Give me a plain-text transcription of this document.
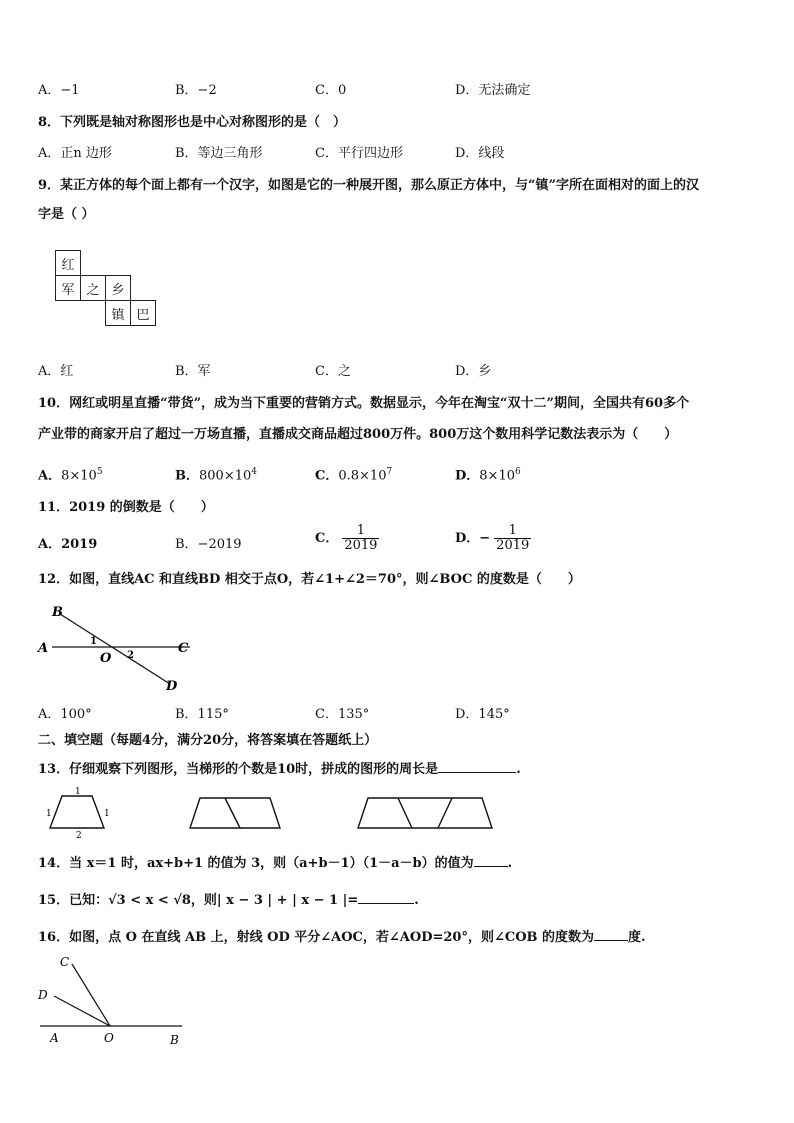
A．−1	B．−2	C．0	D．无法确定
8．下列既是轴对称图形也是中心对称图形的是（　）
A．正n 边形	B．等边三角形	C．平行四边形	D．线段
9．某正方体的每个面上都有一个汉字，如图是它的一种展开图，那么原正方体中，与“镇”字所在面相对的面上的汉
字是（ ）
红			
军	之	乡	
		镇	巴
A．红	B．军	C．之	D．乡
10．网红或明星直播“带货”，成为当下重要的营销方式。数据显示，今年在淘宝“双十二”期间，全国共有60多个
产业带的商家开启了超过一万场直播，直播成交商品超过800万件。800万这个数用科学记数法表示为（　　）
A．$8\times 10^5$	B．$800\times 10^4$	C．$0.8\times 10^7$	D．$8\times 10^6$
11．2019 的倒数是（　　）
A．2019	B．−2019	C． $\frac{1}{2019}$	D．− $\frac{1}{2019}$
12．如图，直线AC 和直线BD 相交于点O，若∠1+∠2＝70°，则∠BOC 的度数是（　　）
B
A	C
D
O
1
2
A．100°	B．115°	C．135°	D．145°
二、填空题（每题4分，满分20分，将答案填在答题纸上）
13．仔细观察下列图形，当梯形的个数是10时，拼成的图形的周长是	.
1
1	1
2
14．当 x＝1 时，ax+b+1 的值为 3，则（a+b－1）（1－a－b）的值为	.
15．已知：√3 < x < √8，则| x − 3 | + | x − 1 |=	.
16．如图，点 O 在直线 AB 上，射线 OD 平分∠AOC，若∠AOD=20°，则∠COB 的度数为	度.
C
D
A	O	B
